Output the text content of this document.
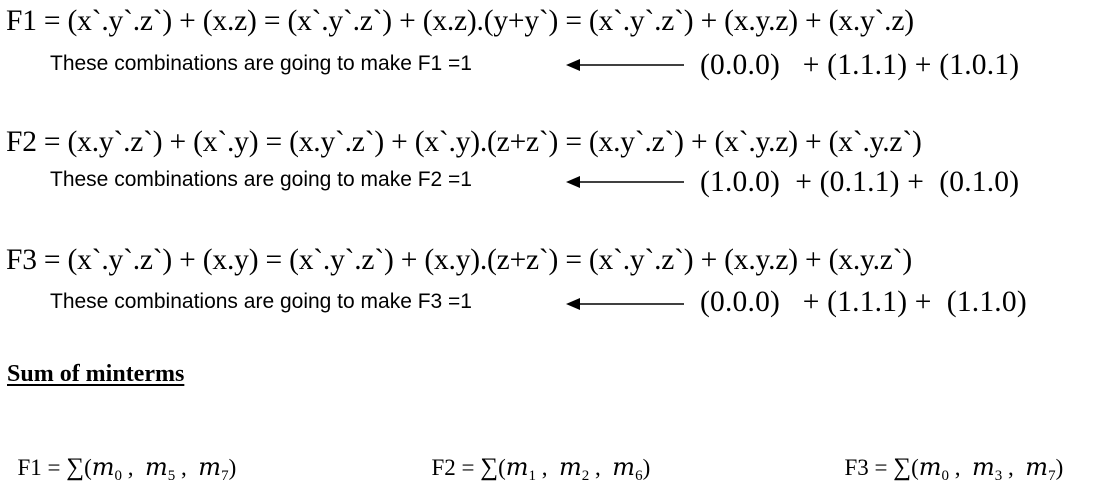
F1 = (x`.y`.z`) + (x.z) = (x`.y`.z`) + (x.z).(y+y`) = (x`.y`.z`) + (x.y.z) + (x.y`.z)
These combinations are going to make F1 =1	(0.0.0)   + (1.1.1) + (1.0.1)
F2 = (x.y`.z`) + (x`.y) = (x.y`.z`) + (x`.y).(z+z`) = (x.y`.z`) + (x`.y.z) + (x`.y.z`)
These combinations are going to make F2 =1	(1.0.0)  + (0.1.1) +  (0.1.0)
F3 = (x`.y`.z`) + (x.y) = (x`.y`.z`) + (x.y).(z+z`) = (x`.y`.z`) + (x.y.z) + (x.y.z`)
These combinations are going to make F3 =1	(0.0.0)   + (1.1.1) +  (1.1.0)
Sum of minterms

$F1 = \sum(m_0$ ,  $m_5$ ,  $m_7$)	$F2 = \sum(m_1$ ,  $m_2$ ,  $m_6$)	$F3 = \sum(m_0$ ,  $m_3$ ,  $m_7$)
